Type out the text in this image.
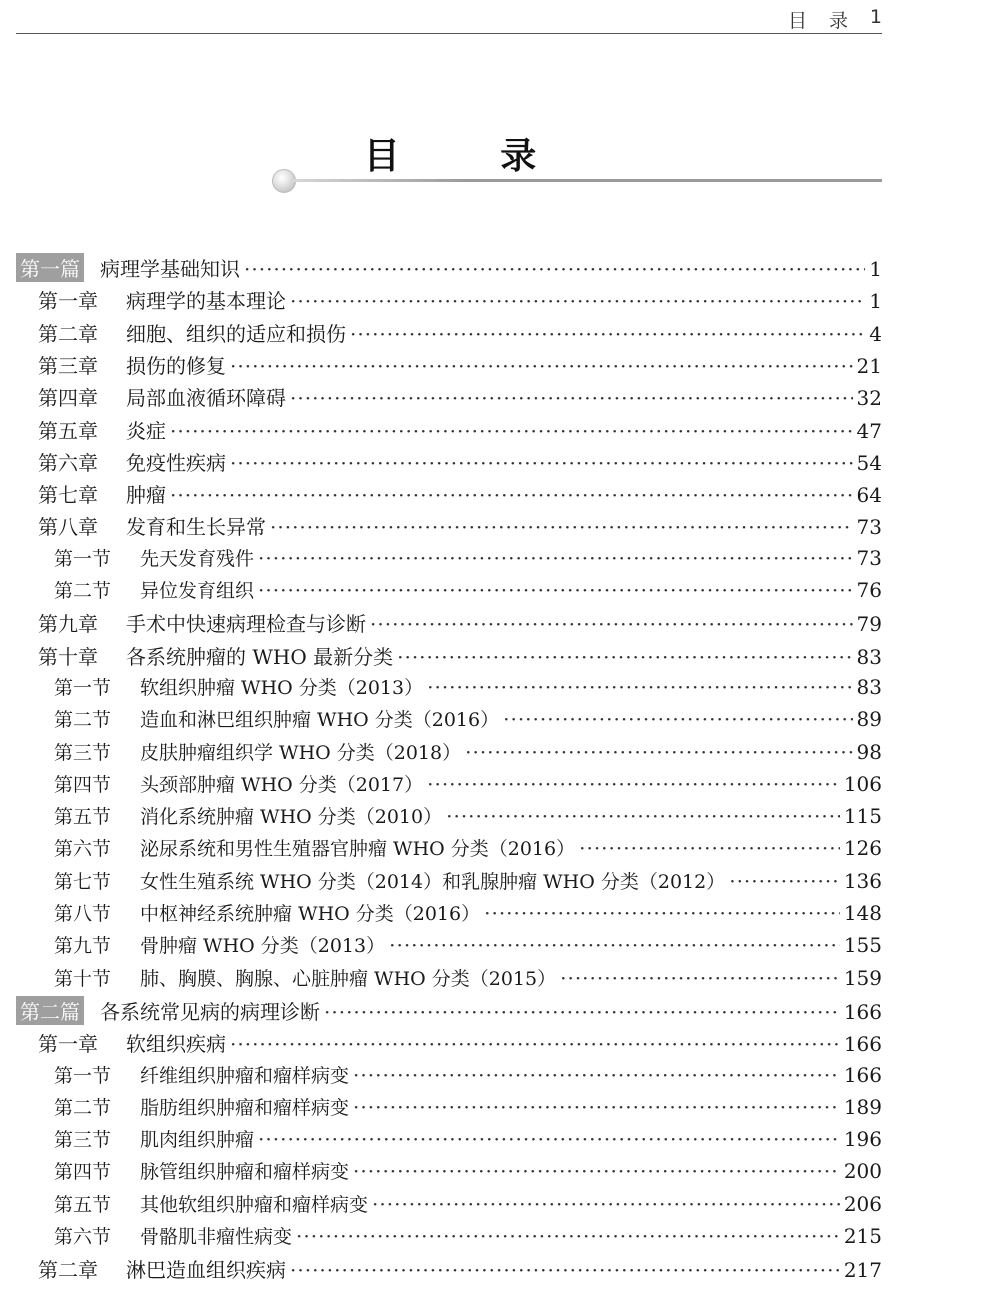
目 录 1
目 录
第一篇 病理学基础知识 ·····	1
第一章	病理学的基本理论 ·····	1
第二章	细胞、组织的适应和损伤 ·····	4
第三章	损伤的修复 ·····	21
第四章	局部血液循环障碍 ·····	32
第五章	炎症 ·····	47
第六章	免疫性疾病 ·····	54
第七章	肿瘤 ·····	64
第八章	发育和生长异常 ·····	73
第一节	先天发育残件 ·····	73
第二节	异位发育组织 ·····	76
第九章	手术中快速病理检查与诊断 ·····	79
第十章	各系统肿瘤的 WHO 最新分类 ·····	83
第一节	软组织肿瘤 WHO 分类（2013） ·····	83
第二节	造血和淋巴组织肿瘤 WHO 分类（2016） ·····	89
第三节	皮肤肿瘤组织学 WHO 分类（2018） ·····	98
第四节	头颈部肿瘤 WHO 分类（2017） ·····	106
第五节	消化系统肿瘤 WHO 分类（2010） ·····	115
第六节	泌尿系统和男性生殖器官肿瘤 WHO 分类（2016） ·····	126
第七节	女性生殖系统 WHO 分类（2014）和乳腺肿瘤 WHO 分类（2012） ·····	136
第八节	中枢神经系统肿瘤 WHO 分类（2016） ·····	148
第九节	骨肿瘤 WHO 分类（2013） ·····	155
第十节	肺、胸膜、胸腺、心脏肿瘤 WHO 分类（2015） ·····	159
第二篇 各系统常见病的病理诊断 ·····	166
第一章	软组织疾病 ·····	166
第一节	纤维组织肿瘤和瘤样病变 ·····	166
第二节	脂肪组织肿瘤和瘤样病变 ·····	189
第三节	肌肉组织肿瘤 ·····	196
第四节	脉管组织肿瘤和瘤样病变 ·····	200
第五节	其他软组织肿瘤和瘤样病变 ·····	206
第六节	骨骼肌非瘤性病变 ·····	215
第二章	淋巴造血组织疾病 ·····	217
